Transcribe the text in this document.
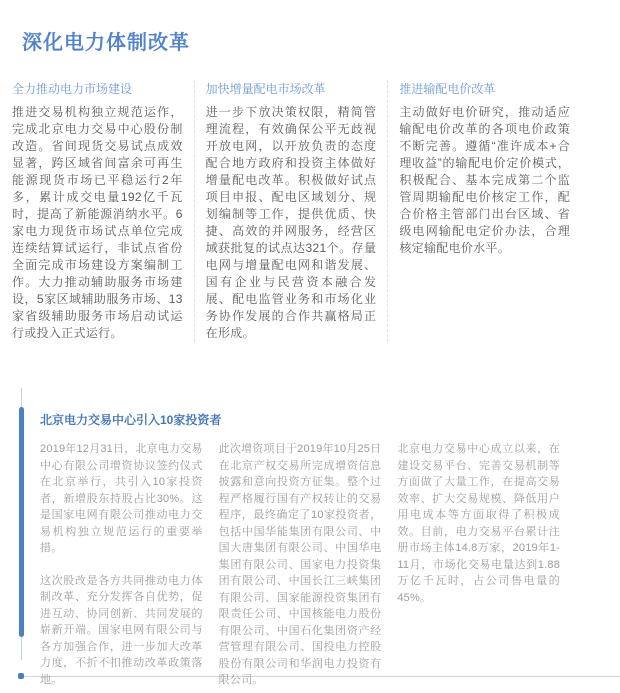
深化电力体制改革
全力推动电力市场建设

推进交易机构独立规范运作，完成北京电力交易中心股份制改造。省间现货交易试点成效显著，跨区域省间富余可再生能源现货市场已平稳运行2年多，累计成交电量192亿千瓦时，提高了新能源消纳水平。6家电力现货市场试点单位完成连续结算试运行，非试点省份全面完成市场建设方案编制工作。大力推动辅助服务市场建设，5家区域辅助服务市场、13家省级辅助服务市场启动试运行或投入正式运行。

加快增量配电市场改革

进一步下放决策权限，精简管理流程，有效确保公平无歧视开放电网，以开放负责的态度配合地方政府和投资主体做好增量配电改革。积极做好试点项目申报、配电区域划分、规划编制等工作，提供优质、快捷、高效的并网服务，经营区域获批复的试点达321个。存量电网与增量配电网和谐发展、国有企业与民营资本融合发展、配电监管业务和市场化业务协作发展的合作共赢格局正在形成。

推进输配电价改革

主动做好电价研究，推动适应输配电价改革的各项电价政策不断完善。遵循“准许成本+合理收益”的输配电价定价模式，积极配合、基本完成第二个监管周期输配电价核定工作，配合价格主管部门出台区域、省级电网输配电定价办法，合理核定输配电价水平。

北京电力交易中心引入10家投资者

2019年12月31日，北京电力交易中心有限公司增资协议签约仪式在北京举行，共引入10家投资者，新增股东持股占比30%。这是国家电网有限公司推动电力交易机构独立规范运行的重要举措。

这次股改是各方共同推动电力体制改革、充分发挥各自优势，促进互动、协同创新、共同发展的崭新开端。国家电网有限公司与各方加强合作，进一步加大改革力度，不折不扣推动改革政策落地。

此次增资项目于2019年10月25日在北京产权交易所完成增资信息披露和意向投资方征集。整个过程严格履行国有产权转让的交易程序，最终确定了10家投资者，包括中国华能集团有限公司、中国大唐集团有限公司、中国华电集团有限公司、国家电力投资集团有限公司、中国长江三峡集团有限公司、国家能源投资集团有限责任公司、中国核能电力股份有限公司、中国石化集团资产经营管理有限公司、国投电力控股股份有限公司和华润电力投资有限公司。

北京电力交易中心成立以来，在建设交易平台、完善交易机制等方面做了大量工作，在提高交易效率、扩大交易规模、降低用户用电成本等方面取得了积极成效。目前，电力交易平台累计注册市场主体14.8万家，2019年1-11月，市场化交易电量达到1.88万亿千瓦时，占公司售电量的45%。
